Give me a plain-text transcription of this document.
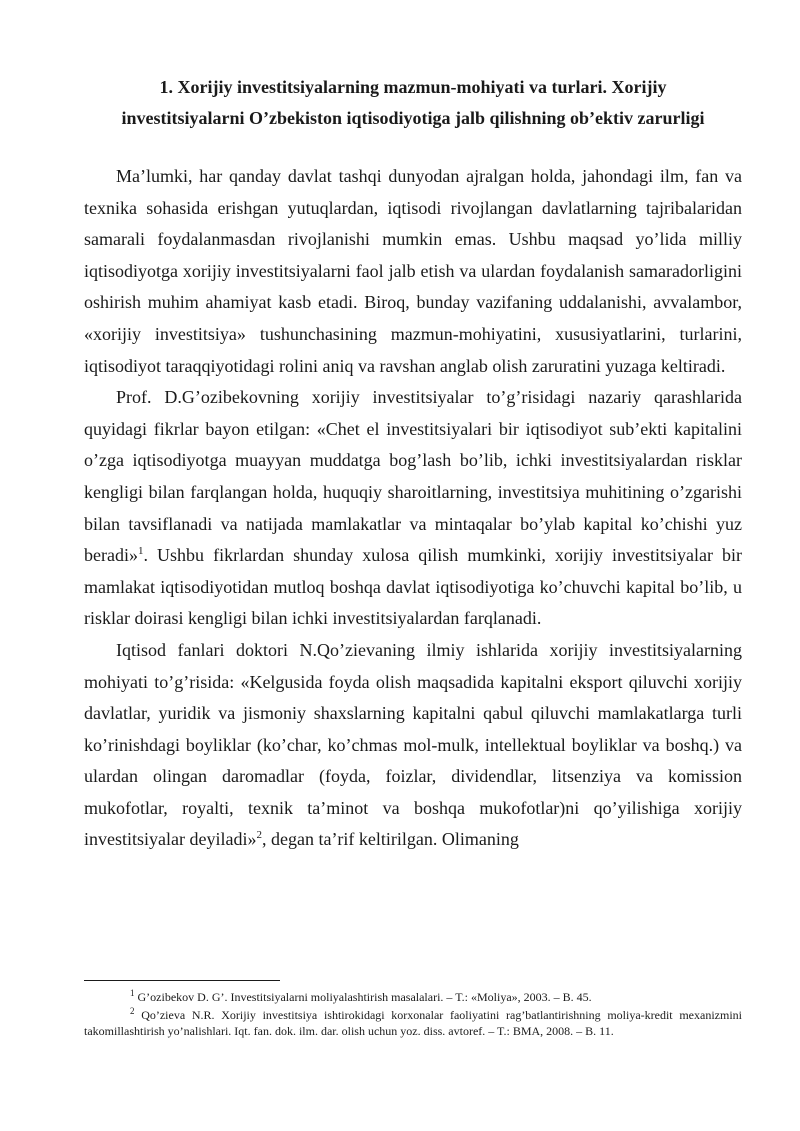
1. Xorijiy investitsiyalarning mazmun-mohiyati va turlari. Xorijiy
investitsiyalarni O’zbekiston iqtisodiyotiga jalb qilishning ob’ektiv zarurligi

Ma’lumki, har qanday davlat tashqi dunyodan ajralgan holda, jahondagi ilm, fan va texnika sohasida erishgan yutuqlardan, iqtisodi rivojlangan davlatlarning tajribalaridan samarali foydalanmasdan rivojlanishi mumkin emas. Ushbu maqsad yo’lida milliy iqtisodiyotga xorijiy investitsiyalarni faol jalb etish va ulardan foydalanish samaradorligini oshirish muhim ahamiyat kasb etadi. Biroq, bunday vazifaning uddalanishi, avvalambor, «xorijiy investitsiya» tushunchasining mazmun-mohiyatini, xususiyatlarini, turlarini, iqtisodiyot taraqqiyotidagi rolini aniq va ravshan anglab olish zaruratini yuzaga keltiradi.

Prof. D.G’ozibekovning xorijiy investitsiyalar to’g’risidagi nazariy qarashlarida quyidagi fikrlar bayon etilgan: «Chet el investitsiyalari bir iqtisodiyot sub’ekti kapitalini o’zga iqtisodiyotga muayyan muddatga bog’lash bo’lib, ichki investitsiyalardan risklar kengligi bilan farqlangan holda, huquqiy sharoitlarning, investitsiya muhitining o’zgarishi bilan tavsiflanadi va natijada mamlakatlar va mintaqalar bo’ylab kapital ko’chishi yuz beradi»$^1$. Ushbu fikrlardan shunday xulosa qilish mumkinki, xorijiy investitsiyalar bir mamlakat iqtisodiyotidan mutloq boshqa davlat iqtisodiyotiga ko’chuvchi kapital bo’lib, u risklar doirasi kengligi bilan ichki investitsiyalardan farqlanadi.

Iqtisod fanlari doktori N.Qo’zievaning ilmiy ishlarida xorijiy investitsiyalarning mohiyati to’g’risida: «Kelgusida foyda olish maqsadida kapitalni eksport qiluvchi xorijiy davlatlar, yuridik va jismoniy shaxslarning kapitalni qabul qiluvchi mamlakatlarga turli ko’rinishdagi boyliklar (ko’char, ko’chmas mol-mulk, intellektual boyliklar va boshq.) va ulardan olingan daromadlar (foyda, foizlar, dividendlar, litsenziya va komission mukofotlar, royalti, texnik ta’minot va boshqa mukofotlar)ni qo’yilishiga xorijiy investitsiyalar deyiladi»$^2$, degan ta’rif keltirilgan. Olimaning

$^1$ G’ozibekov D. G’. Investitsiyalarni moliyalashtirish masalalari. – T.: «Moliya», 2003. – B. 45.

$^2$ Qo’zieva N.R. Xorijiy investitsiya ishtirokidagi korxonalar faoliyatini rag’batlantirishning moliya-kredit mexanizmini takomillashtirish yo’nalishlari. Iqt. fan. dok. ilm. dar. olish uchun yoz. diss. avtoref. – T.: BMA, 2008. – B. 11.
